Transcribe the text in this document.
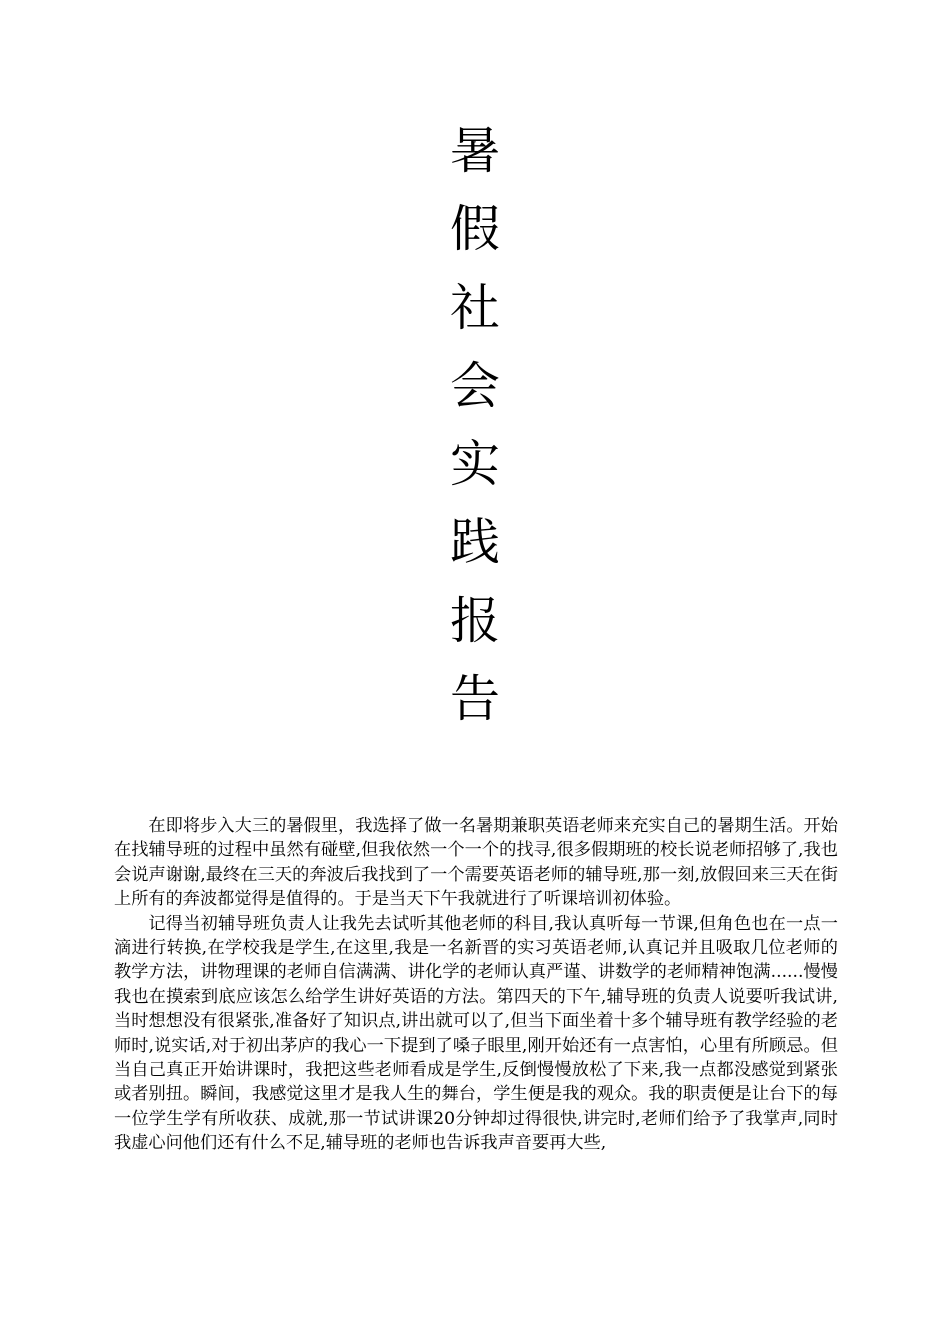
暑
假
社
会
实
践
报
告

在即将步入大三的暑假里，我选择了做一名暑期兼职英语老师来充实自己的暑期生活。开始在找辅导班的过程中虽然有碰壁,但我依然一个一个的找寻,很多假期班的校长说老师招够了,我也会说声谢谢,最终在三天的奔波后我找到了一个需要英语老师的辅导班,那一刻,放假回来三天在街上所有的奔波都觉得是值得的。于是当天下午我就进行了听课培训初体验。

记得当初辅导班负责人让我先去试听其他老师的科目,我认真听每一节课,但角色也在一点一滴进行转换,在学校我是学生,在这里,我是一名新晋的实习英语老师,认真记并且吸取几位老师的教学方法，讲物理课的老师自信满满、讲化学的老师认真严谨、讲数学的老师精神饱满......慢慢我也在摸索到底应该怎么给学生讲好英语的方法。第四天的下午,辅导班的负责人说要听我试讲,当时想想没有很紧张,准备好了知识点,讲出就可以了,但当下面坐着十多个辅导班有教学经验的老师时,说实话,对于初出茅庐的我心一下提到了嗓子眼里,刚开始还有一点害怕，心里有所顾忌。但当自己真正开始讲课时，我把这些老师看成是学生,反倒慢慢放松了下来,我一点都没感觉到紧张或者别扭。瞬间，我感觉这里才是我人生的舞台，学生便是我的观众。我的职责便是让台下的每一位学生学有所收获、成就,那一节试讲课20分钟却过得很快,讲完时,老师们给予了我掌声,同时我虚心问他们还有什么不足,辅导班的老师也告诉我声音要再大些,
